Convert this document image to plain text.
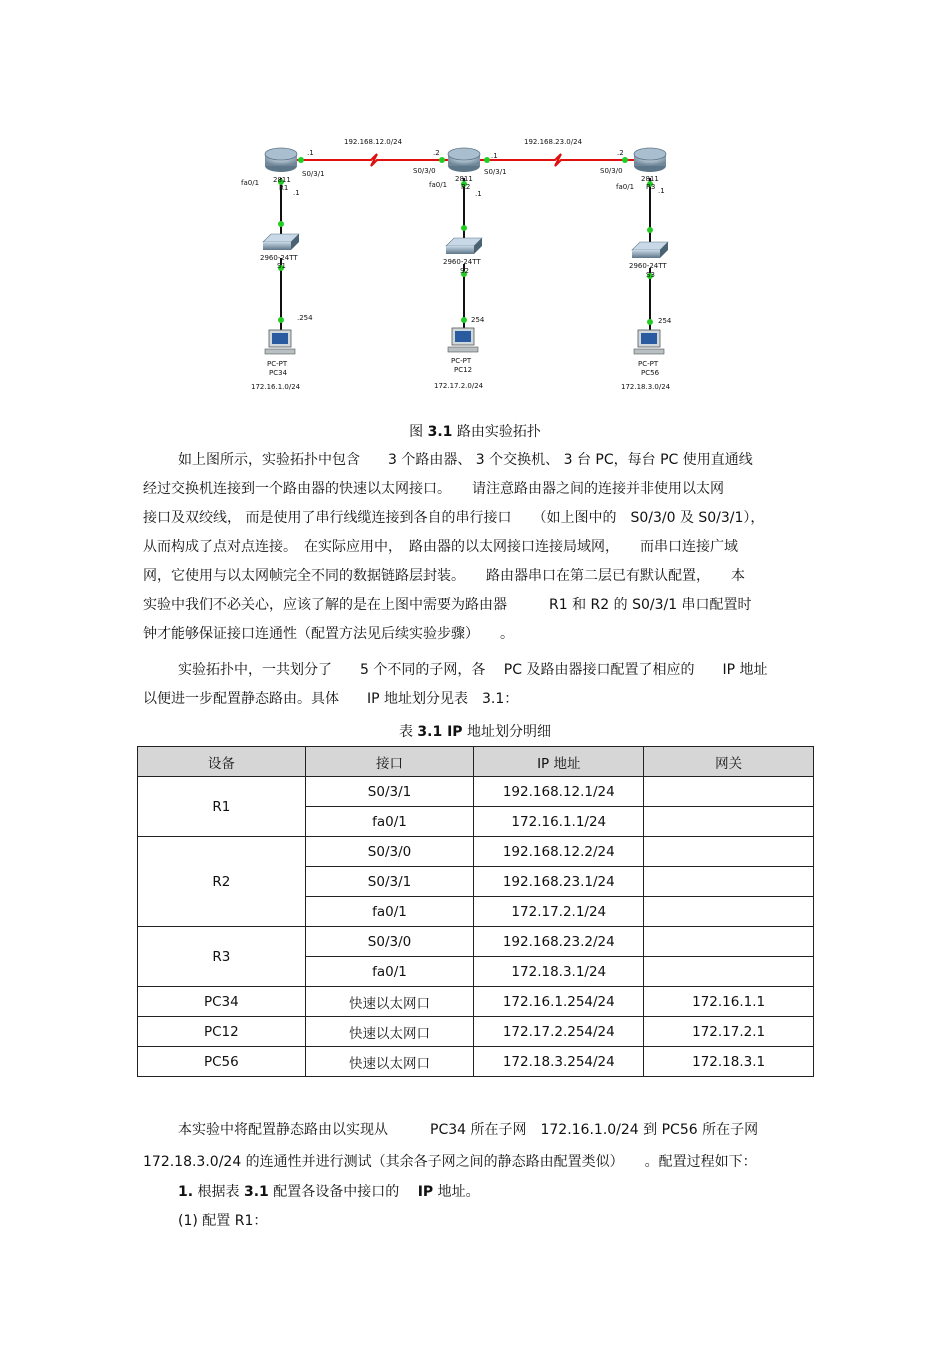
192.168.12.0/24	192.168.23.0/24
.1
S0/3/1
fa0/1
.1
2811
R1
.2
S0/3/0
.1
S0/3/1
fa0/1
.1
2811
R2
.2
S0/3/0
fa0/1	.1
2811
R3
2960-24TT
S1	2960-24TT
S2
2960-24TT
S3
.254
PC-PT
PC34
172.16.1.0/24
254
PC-PT
PC12
172.17.2.0/24
254
PC-PT
PC56
172.18.3.0/24
图 3.1 路由实验拓扑
如上图所示，实验拓扑中包含　　3 个路由器、 3 个交换机、 3 台 PC，每台 PC 使用直通线
经过交换机连接到一个路由器的快速以太网接口。　　请注意路由器之间的连接并非使用以太网
接口及双绞线， 而是使用了串行线缆连接到各自的串行接口　　（如上图中的　S0/3/0 及 S0/3/1），
从而构成了点对点连接。　在实际应用中，　路由器的以太网接口连接局域网，　　而串口连接广域
网，它使用与以太网帧完全不同的数据链路层封装。　　路由器串口在第二层已有默认配置，　　本
实验中我们不必关心，应该了解的是在上图中需要为路由器　　　R1 和 R2 的 S0/3/1 串口配置时
钟才能够保证接口连通性（配置方法见后续实验步骤）　　。
实验拓扑中，一共划分了　　5 个不同的子网，各　 PC 及路由器接口配置了相应的　　IP 地址
以便进一步配置静态路由。具体　　IP 地址划分见表　3.1：
表 3.1 IP 地址划分明细
设备	接口	IP 地址	网关
R1	S0/3/1	192.168.12.1/24	
	fa0/1	172.16.1.1/24	
R2	S0/3/0	192.168.12.2/24	
	S0/3/1	192.168.23.1/24	
	fa0/1	172.17.2.1/24	
R3	S0/3/0	192.168.23.2/24	
	fa0/1	172.18.3.1/24	
PC34	快速以太网口	172.16.1.254/24	172.16.1.1
PC12	快速以太网口	172.17.2.254/24	172.17.2.1
PC56	快速以太网口	172.18.3.254/24	172.18.3.1
本实验中将配置静态路由以实现从　　　PC34 所在子网　172.16.1.0/24 到 PC56 所在子网
172.18.3.0/24 的连通性并进行测试（其余各子网之间的静态路由配置类似）　　。配置过程如下：
1. 根据表 3.1 配置各设备中接口的　 IP 地址。
(1) 配置 R1：
